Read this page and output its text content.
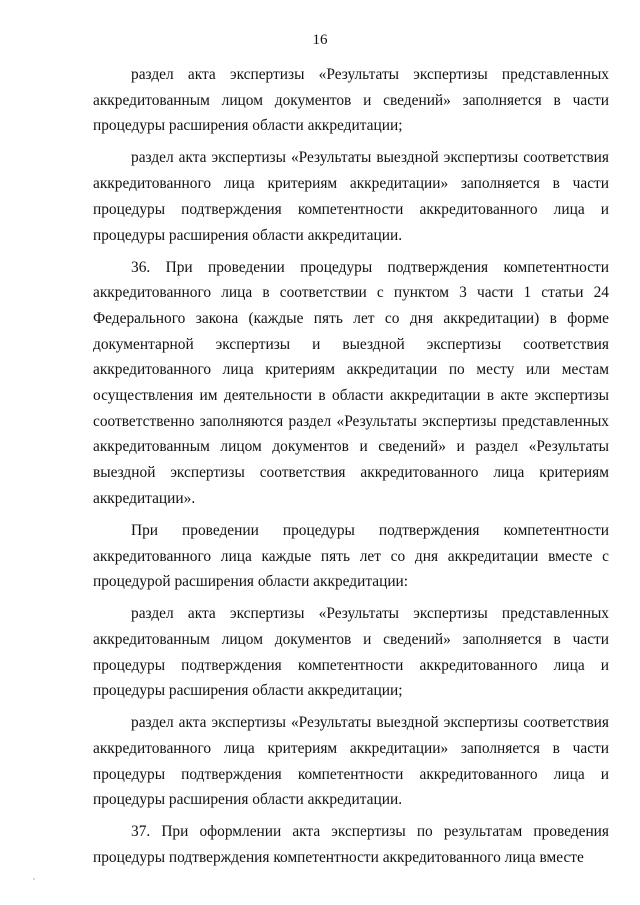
16

раздел акта экспертизы «Результаты экспертизы представленных аккредитованным лицом документов и сведений» заполняется в части процедуры расширения области аккредитации;

раздел акта экспертизы «Результаты выездной экспертизы соответствия аккредитованного лица критериям аккредитации» заполняется в части процедуры подтверждения компетентности аккредитованного лица и процедуры расширения области аккредитации.

36. При проведении процедуры подтверждения компетентности аккредитованного лица в соответствии с пунктом 3 части 1 статьи 24 Федерального закона (каждые пять лет со дня аккредитации) в форме документарной экспертизы и выездной экспертизы соответствия аккредитованного лица критериям аккредитации по месту или местам осуществления им деятельности в области аккредитации в акте экспертизы соответственно заполняются раздел «Результаты экспертизы представленных аккредитованным лицом документов и сведений» и раздел «Результаты выездной экспертизы соответствия аккредитованного лица критериям аккредитации».

При проведении процедуры подтверждения компетентности аккредитованного лица каждые пять лет со дня аккредитации вместе с процедурой расширения области аккредитации:

раздел акта экспертизы «Результаты экспертизы представленных аккредитованным лицом документов и сведений» заполняется в части процедуры подтверждения компетентности аккредитованного лица и процедуры расширения области аккредитации;

раздел акта экспертизы «Результаты выездной экспертизы соответствия аккредитованного лица критериям аккредитации» заполняется в части процедуры подтверждения компетентности аккредитованного лица и процедуры расширения области аккредитации.

37. При оформлении акта экспертизы по результатам проведения процедуры подтверждения компетентности аккредитованного лица вместе
